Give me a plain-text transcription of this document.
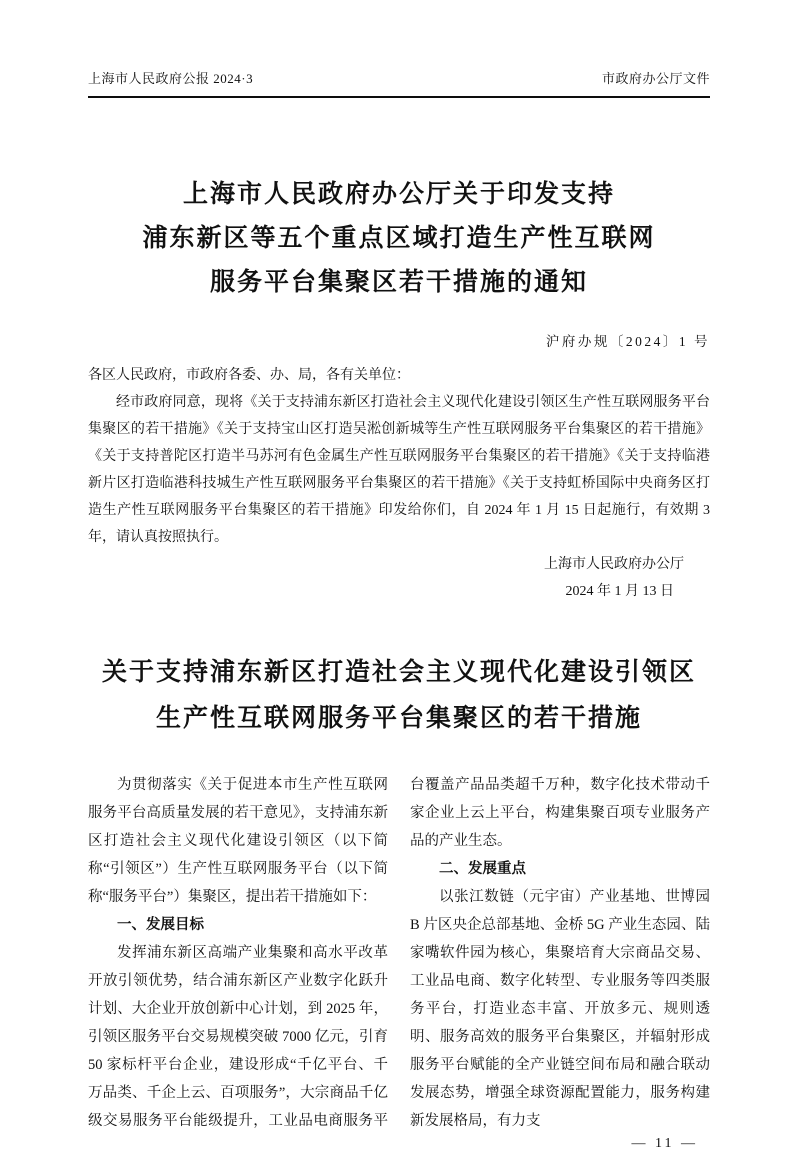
上海市人民政府公报 2024·3	市政府办公厅文件
上海市人民政府办公厅关于印发支持
浦东新区等五个重点区域打造生产性互联网
服务平台集聚区若干措施的通知
沪府办规〔2024〕1 号

各区人民政府，市政府各委、办、局，各有关单位：

经市政府同意，现将《关于支持浦东新区打造社会主义现代化建设引领区生产性互联网服务平台集聚区的若干措施》《关于支持宝山区打造吴淞创新城等生产性互联网服务平台集聚区的若干措施》《关于支持普陀区打造半马苏河有色金属生产性互联网服务平台集聚区的若干措施》《关于支持临港新片区打造临港科技城生产性互联网服务平台集聚区的若干措施》《关于支持虹桥国际中央商务区打造生产性互联网服务平台集聚区的若干措施》印发给你们，自 2024 年 1 月 15 日起施行，有效期 3 年，请认真按照执行。

上海市人民政府办公厅

2024 年 1 月 13 日

关于支持浦东新区打造社会主义现代化建设引领区
生产性互联网服务平台集聚区的若干措施

为贯彻落实《关于促进本市生产性互联网服务平台高质量发展的若干意见》，支持浦东新区打造社会主义现代化建设引领区（以下简称“引领区”）生产性互联网服务平台（以下简称“服务平台”）集聚区，提出若干措施如下：

一、发展目标

发挥浦东新区高端产业集聚和高水平改革开放引领优势，结合浦东新区产业数字化跃升计划、大企业开放创新中心计划，到 2025 年，引领区服务平台交易规模突破 7000 亿元，引育 50 家标杆平台企业，建设形成“千亿平台、千万品类、千企上云、百项服务”，大宗商品千亿级交易服务平台能级提升，工业品电商服务平台覆盖产品品类超千万种，数字化技术带动千家企业上云上平台，构建集聚百项专业服务产品的产业生态。

二、发展重点

以张江数链（元宇宙）产业基地、世博园 B 片区央企总部基地、金桥 5G 产业生态园、陆家嘴软件园为核心，集聚培育大宗商品交易、工业品电商、数字化转型、专业服务等四类服务平台，打造业态丰富、开放多元、规则透明、服务高效的服务平台集聚区，并辐射形成服务平台赋能的全产业链空间布局和融合联动发展态势，增强全球资源配置能力，服务构建新发展格局，有力支

— 11 —
